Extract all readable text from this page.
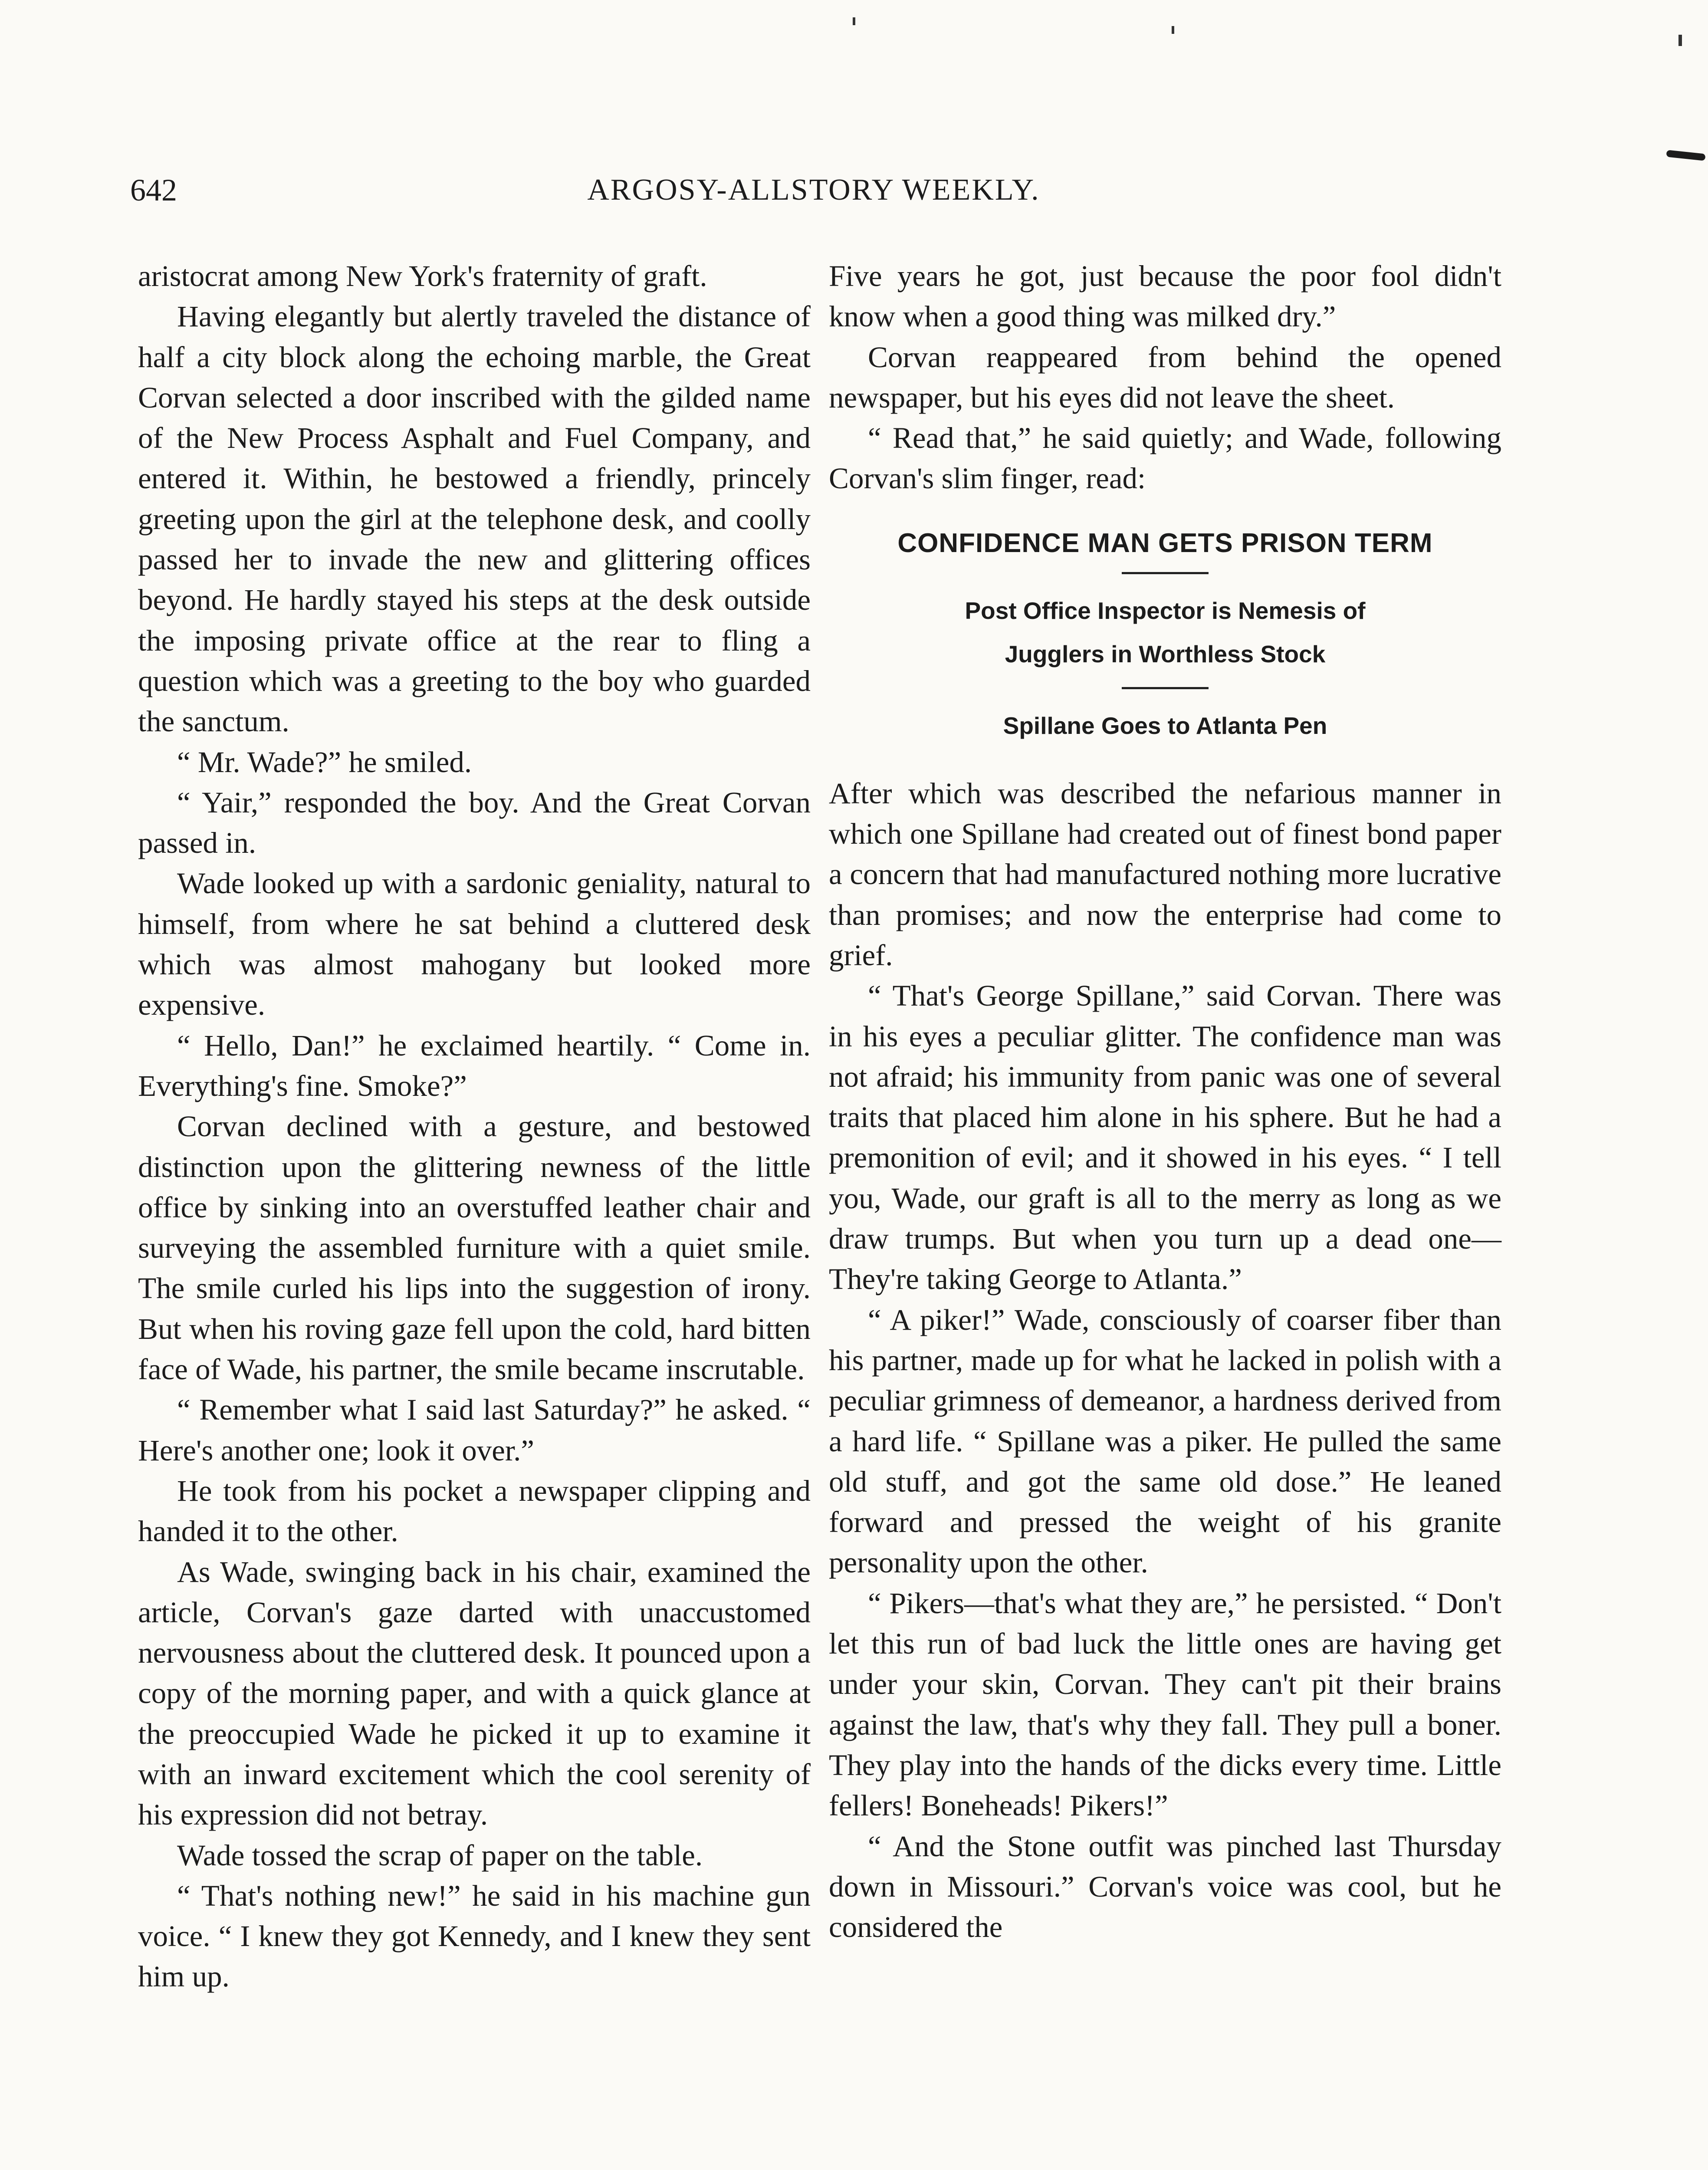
642	ARGOSY-ALLSTORY WEEKLY.

aristocrat among New York's fraternity of graft.

Having elegantly but alertly traveled the distance of half a city block along the echoing marble, the Great Corvan selected a door inscribed with the gilded name of the New Process Asphalt and Fuel Company, and entered it. Within, he bestowed a friendly, princely greeting upon the girl at the telephone desk, and coolly passed her to invade the new and glittering offices beyond. He hardly stayed his steps at the desk outside the imposing private office at the rear to fling a question which was a greeting to the boy who guarded the sanctum.

“ Mr. Wade?” he smiled.

“ Yair,” responded the boy. And the Great Corvan passed in.

Wade looked up with a sardonic geniality, natural to himself, from where he sat behind a cluttered desk which was almost mahogany but looked more expensive.

“ Hello, Dan!” he exclaimed heartily. “ Come in. Everything's fine. Smoke?”

Corvan declined with a gesture, and bestowed distinction upon the glittering newness of the little office by sinking into an overstuffed leather chair and surveying the assembled furniture with a quiet smile. The smile curled his lips into the suggestion of irony. But when his roving gaze fell upon the cold, hard bitten face of Wade, his partner, the smile became inscrutable.

“ Remember what I said last Saturday?” he asked. “ Here's another one; look it over.”

He took from his pocket a newspaper clipping and handed it to the other.

As Wade, swinging back in his chair, examined the article, Corvan's gaze darted with unaccustomed nervousness about the cluttered desk. It pounced upon a copy of the morning paper, and with a quick glance at the preoccupied Wade he picked it up to examine it with an inward excitement which the cool serenity of his expression did not betray.

Wade tossed the scrap of paper on the table.

“ That's nothing new!” he said in his machine gun voice. “ I knew they got Kennedy, and I knew they sent him up.

Five years he got, just because the poor fool didn't know when a good thing was milked dry.”

Corvan reappeared from behind the opened newspaper, but his eyes did not leave the sheet.

“ Read that,” he said quietly; and Wade, following Corvan's slim finger, read:

CONFIDENCE MAN GETS PRISON TERM

Post Office Inspector is Nemesis of

Jugglers in Worthless Stock

Spillane Goes to Atlanta Pen

After which was described the nefarious manner in which one Spillane had created out of finest bond paper a concern that had manufactured nothing more lucrative than promises; and now the enterprise had come to grief.

“ That's George Spillane,” said Corvan. There was in his eyes a peculiar glitter. The confidence man was not afraid; his immunity from panic was one of several traits that placed him alone in his sphere. But he had a premonition of evil; and it showed in his eyes. “ I tell you, Wade, our graft is all to the merry as long as we draw trumps. But when you turn up a dead one— They're taking George to Atlanta.”

“ A piker!” Wade, consciously of coarser fiber than his partner, made up for what he lacked in polish with a peculiar grimness of demeanor, a hardness derived from a hard life. “ Spillane was a piker. He pulled the same old stuff, and got the same old dose.” He leaned forward and pressed the weight of his granite personality upon the other.

“ Pikers—that's what they are,” he persisted. “ Don't let this run of bad luck the little ones are having get under your skin, Corvan. They can't pit their brains against the law, that's why they fall. They pull a boner. They play into the hands of the dicks every time. Little fellers! Boneheads! Pikers!”

“ And the Stone outfit was pinched last Thursday down in Missouri.” Corvan's voice was cool, but he considered the
